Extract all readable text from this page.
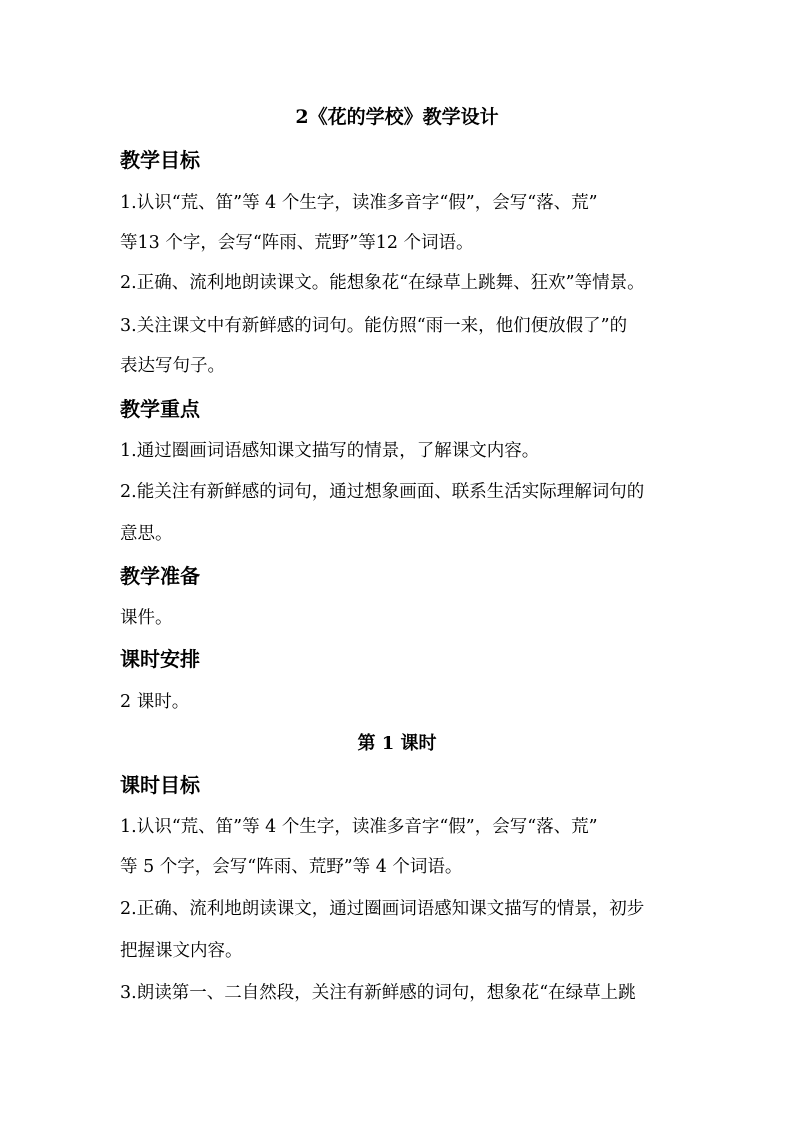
2《花的学校》教学设计
教学目标
1.认识“荒、笛”等 4 个生字，读准多音字“假”，会写“落、荒”
等13 个字，会写“阵雨、荒野”等12 个词语。
2.正确、流利地朗读课文。能想象花“在绿草上跳舞、狂欢”等情景。
3.关注课文中有新鲜感的词句。能仿照“雨一来，他们便放假了”的
表达写句子。
教学重点
1.通过圈画词语感知课文描写的情景，了解课文内容。
2.能关注有新鲜感的词句，通过想象画面、联系生活实际理解词句的
意思。
教学准备
课件。
课时安排
2 课时。
第 1 课时
课时目标
1.认识“荒、笛”等 4 个生字，读准多音字“假”，会写“落、荒”
等 5 个字，会写“阵雨、荒野”等 4 个词语。
2.正确、流利地朗读课文，通过圈画词语感知课文描写的情景，初步
把握课文内容。
3.朗读第一、二自然段，关注有新鲜感的词句，想象花“在绿草上跳
